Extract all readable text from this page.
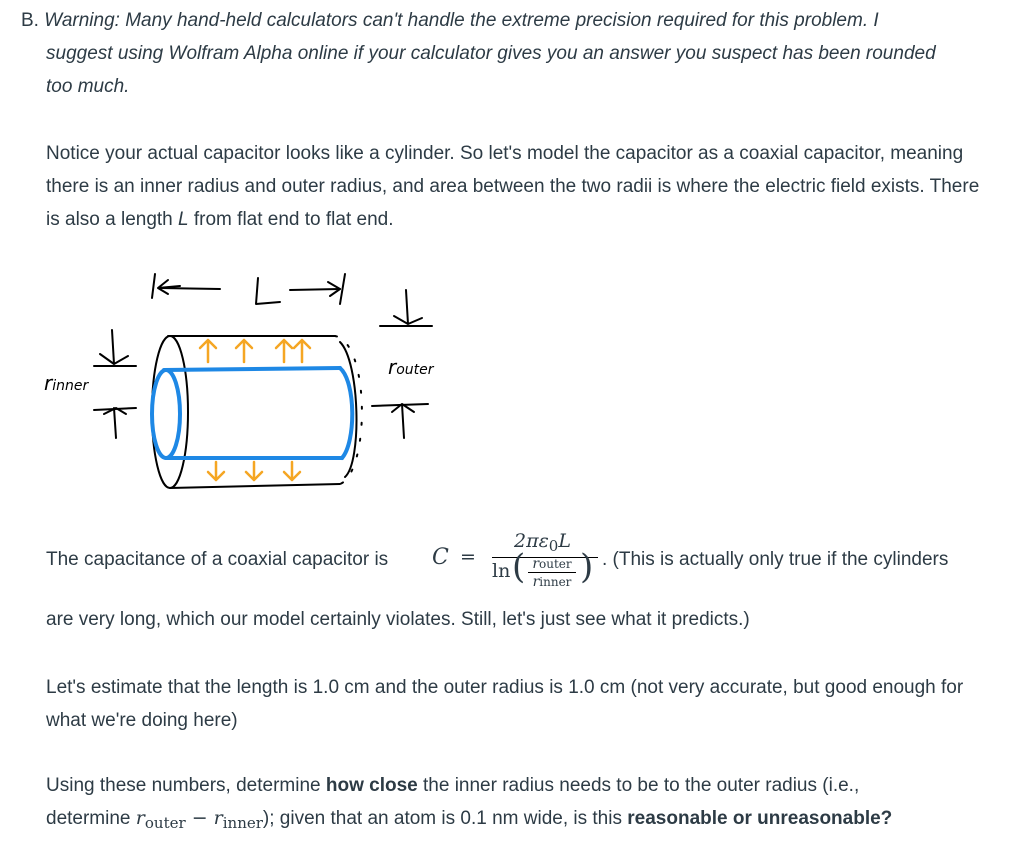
B. Warning: Many hand-held calculators can't handle the extreme precision required for this problem. I
suggest using Wolfram Alpha online if your calculator gives you an answer you suspect has been rounded
too much.
Notice your actual capacitor looks like a cylinder. So let's model the capacitor as a coaxial capacitor, meaning there is an inner radius and outer radius, and area between the two radii is where the electric field exists. There is also a length L from flat end to flat end.
rinner
router
The capacitance of a coaxial capacitor is C =
$2\pi\varepsilon_0L$
ln ( router
rinner ) . (This is actually only true if the cylinders
are very long, which our model certainly violates. Still, let's just see what it predicts.)
Let's estimate that the length is 1.0 cm and the outer radius is 1.0 cm (not very accurate, but good enough for what we're doing here)
Using these numbers, determine how close the inner radius needs to be to the outer radius (i.e.,
determine $r_{outer} - r_{inner}$); given that an atom is 0.1 nm wide, is this reasonable or unreasonable?
